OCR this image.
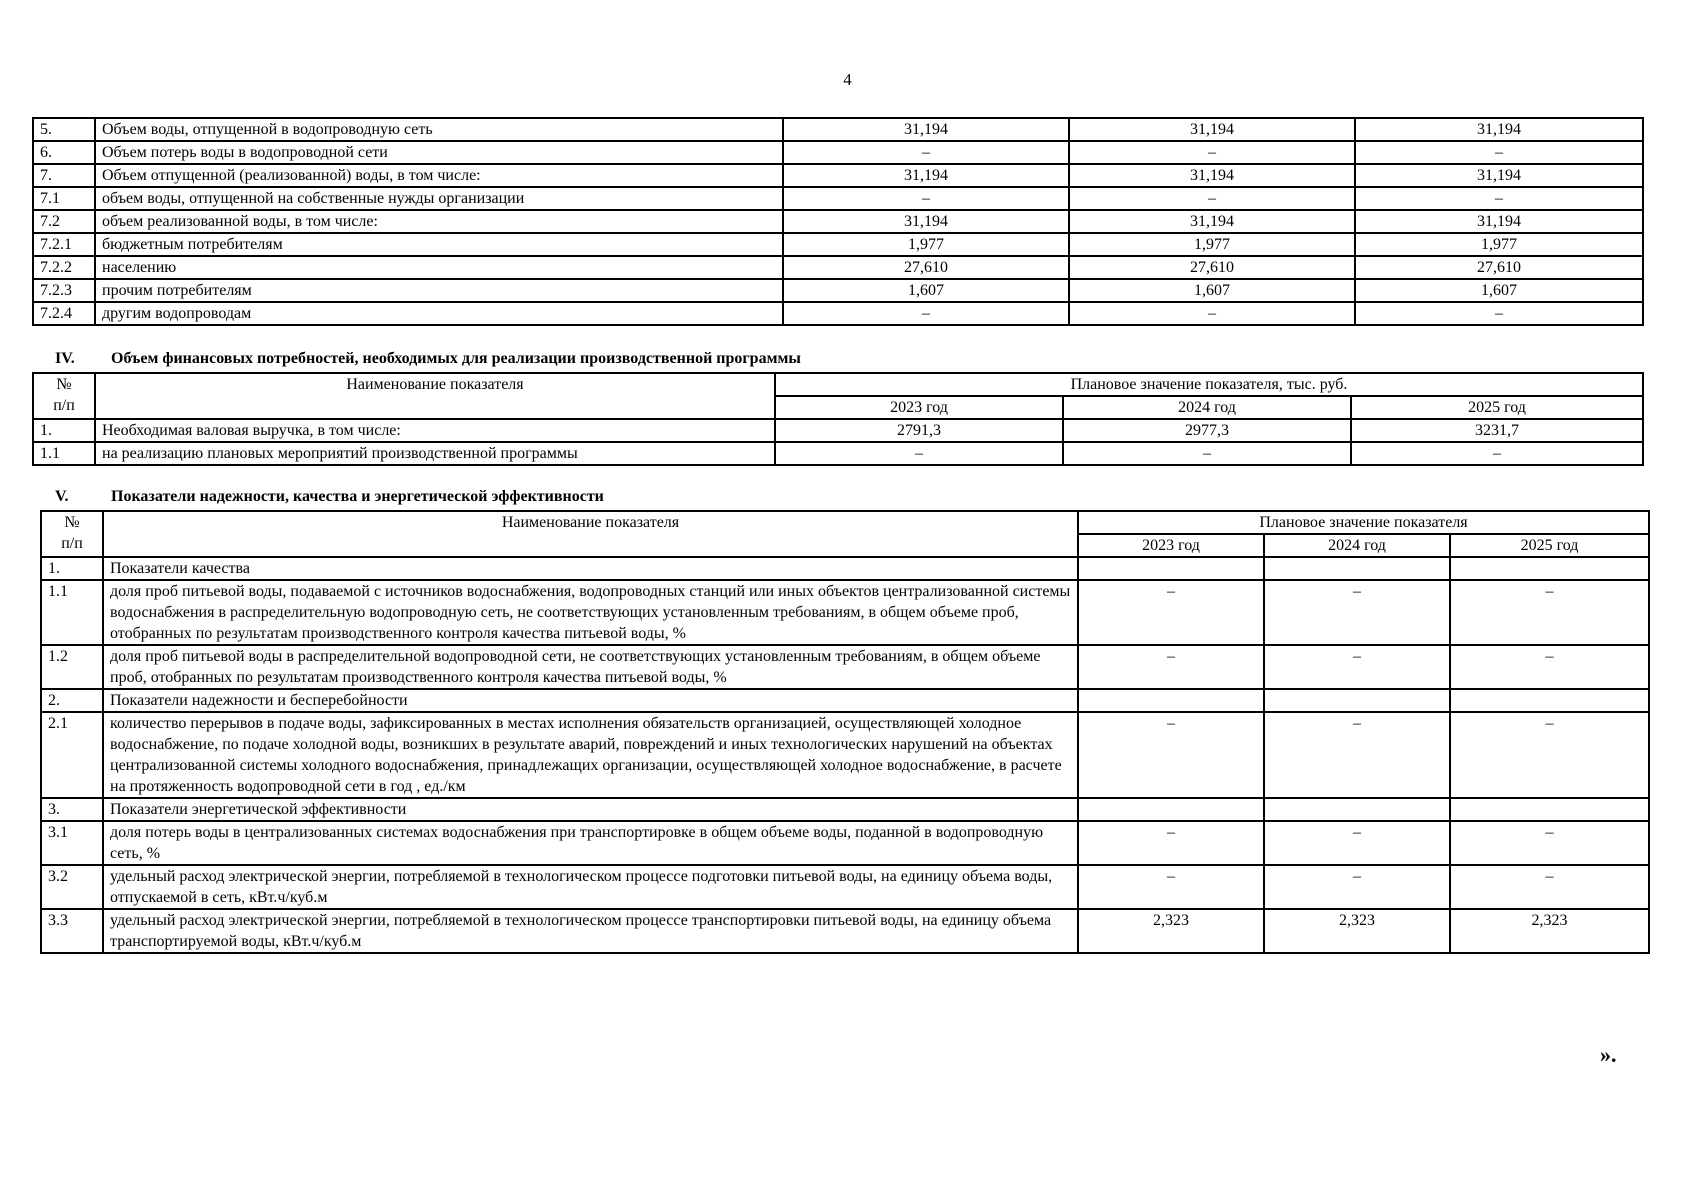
4
5.	Объем воды, отпущенной в водопроводную сеть	31,194	31,194	31,194
6.	Объем потерь воды в водопроводной сети	–	–	–
7.	Объем отпущенной (реализованной) воды, в том числе:	31,194	31,194	31,194
7.1	объем воды, отпущенной на собственные нужды организации	–	–	–
7.2	объем реализованной воды, в том числе:	31,194	31,194	31,194
7.2.1	бюджетным потребителям	1,977	1,977	1,977
7.2.2	населению	27,610	27,610	27,610
7.2.3	прочим потребителям	1,607	1,607	1,607
7.2.4	другим водопроводам	–	–	–
IV. Объем финансовых потребностей, необходимых для реализации производственной программы
№
п/п	Наименование показателя	Плановое значение показателя, тыс. руб.		
		2023 год	2024 год	2025 год
1.	Необходимая валовая выручка, в том числе:	2791,3	2977,3	3231,7
1.1	на реализацию плановых мероприятий производственной программы	–	–	–
V.	Показатели надежности, качества и энергетической эффективности
№
п/п	Наименование показателя	Плановое значение показателя		
		2023 год	2024 год	2025 год
1.	Показатели качества			
1.1	доля проб питьевой воды, подаваемой с источников водоснабжения, водопроводных станций или иных объектов централизованной системы водоснабжения в распределительную водопроводную сеть, не соответствующих установленным требованиям, в общем объеме проб, отобранных по результатам производственного контроля качества питьевой воды, %	–	–	–
1.2	доля проб питьевой воды в распределительной водопроводной сети, не соответствующих установленным требованиям, в общем объеме проб, отобранных по результатам производственного контроля качества питьевой воды, %	–	–	–
2.	Показатели надежности и бесперебойности			
2.1	количество перерывов в подаче воды, зафиксированных в местах исполнения обязательств организацией, осуществляющей холодное водоснабжение, по подаче холодной воды, возникших в результате аварий, повреждений и иных технологических нарушений на объектах централизованной системы холодного водоснабжения, принадлежащих организации, осуществляющей холодное водоснабжение, в расчете на протяженность водопроводной сети в год , ед./км	–	–	–
3.	Показатели энергетической эффективности			
3.1	доля потерь воды в централизованных системах водоснабжения при транспортировке в общем объеме воды, поданной в водопроводную сеть, %	–	–	–
3.2	удельный расход электрической энергии, потребляемой в технологическом процессе подготовки питьевой воды, на единицу объема воды, отпускаемой в сеть, кВт.ч/куб.м	–	–	–
3.3	удельный расход электрической энергии, потребляемой в технологическом процессе транспортировки питьевой воды, на единицу объема транспортируемой воды, кВт.ч/куб.м	2,323	2,323	2,323
».
